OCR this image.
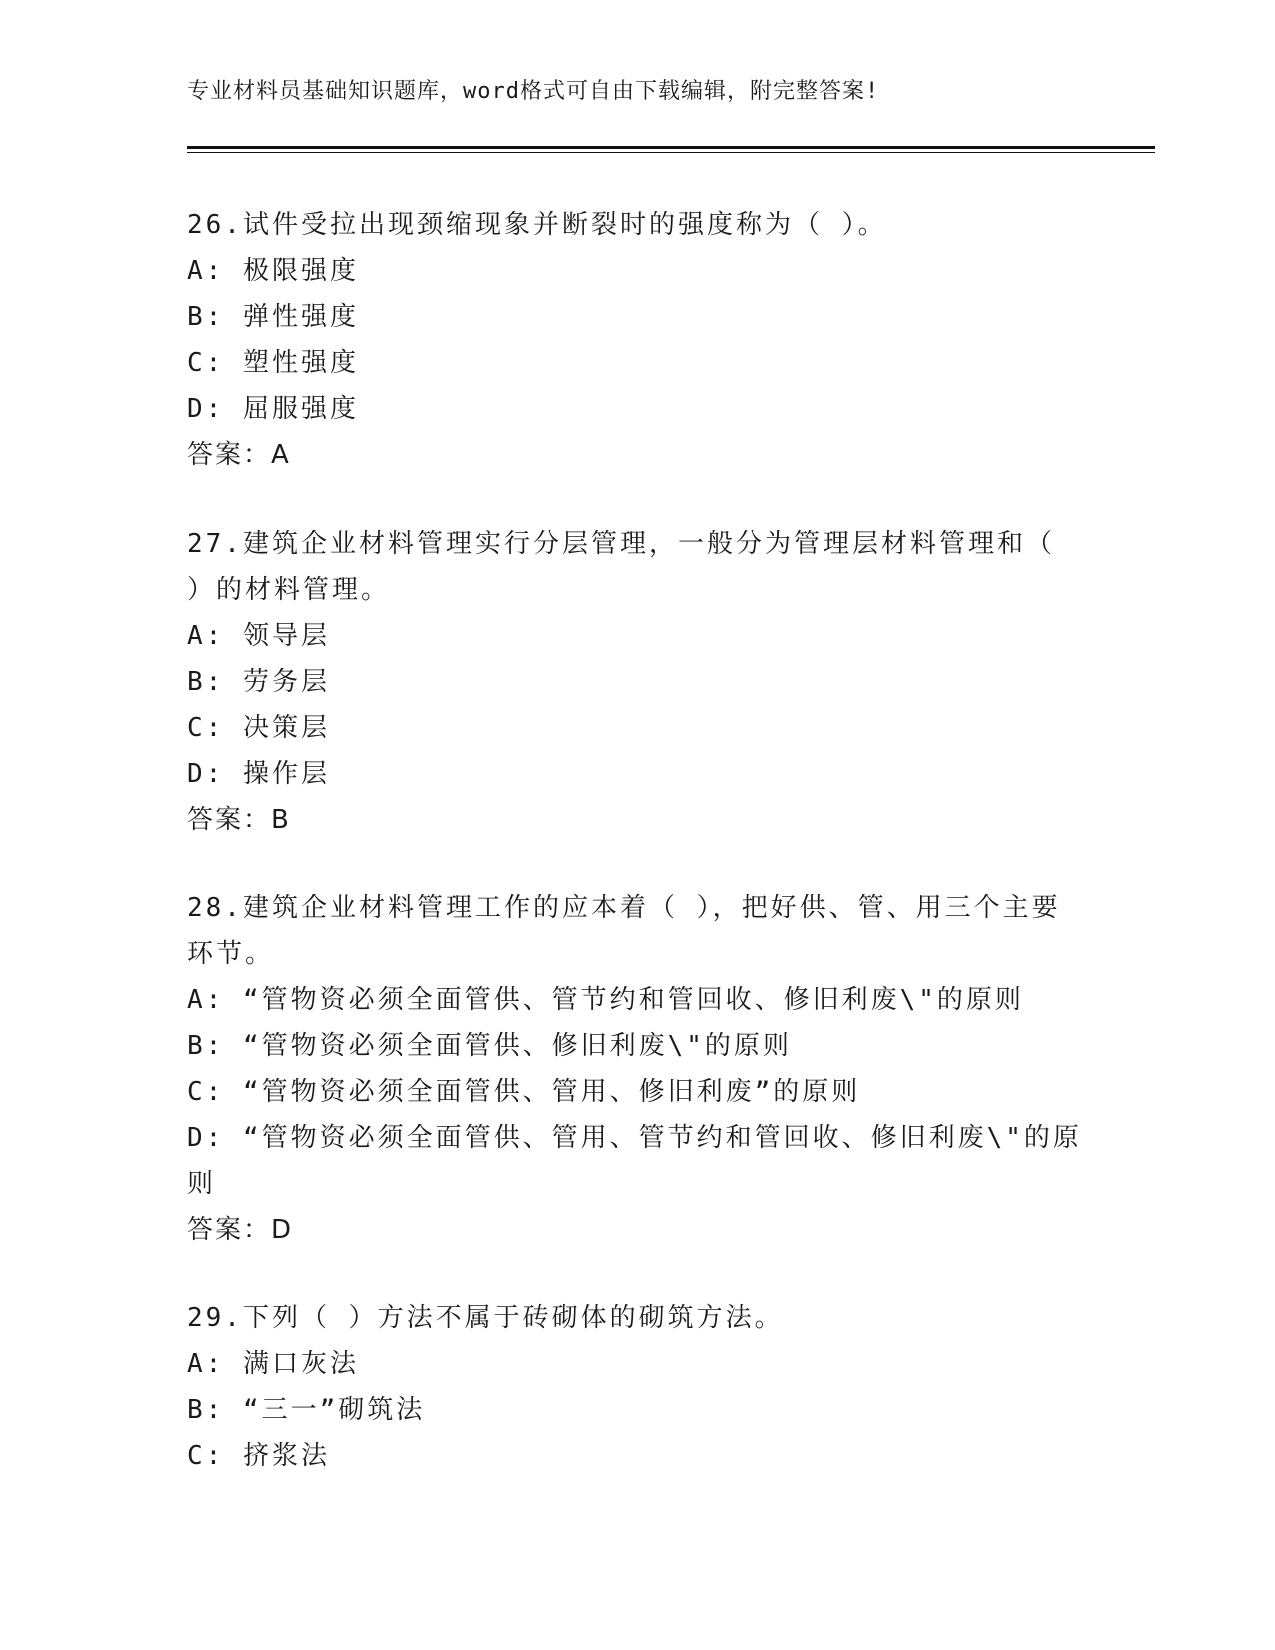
专业材料员基础知识题库，word格式可自由下载编辑，附完整答案!

26.试件受拉出现颈缩现象并断裂时的强度称为（ ）。

A: 极限强度

B: 弹性强度

C: 塑性强度

D: 屈服强度

答案：A

27.建筑企业材料管理实行分层管理，一般分为管理层材料管理和（

）的材料管理。

A: 领导层

B: 劳务层

C: 决策层

D: 操作层

答案：B

28.建筑企业材料管理工作的应本着（ ），把好供、管、用三个主要

环节。

A: “管物资必须全面管供、管节约和管回收、修旧利废\"的原则

B: “管物资必须全面管供、修旧利废\"的原则

C: “管物资必须全面管供、管用、修旧利废”的原则

D: “管物资必须全面管供、管用、管节约和管回收、修旧利废\"的原

则

答案：D

29.下列（ ）方法不属于砖砌体的砌筑方法。

A: 满口灰法

B: “三一”砌筑法

C: 挤浆法
